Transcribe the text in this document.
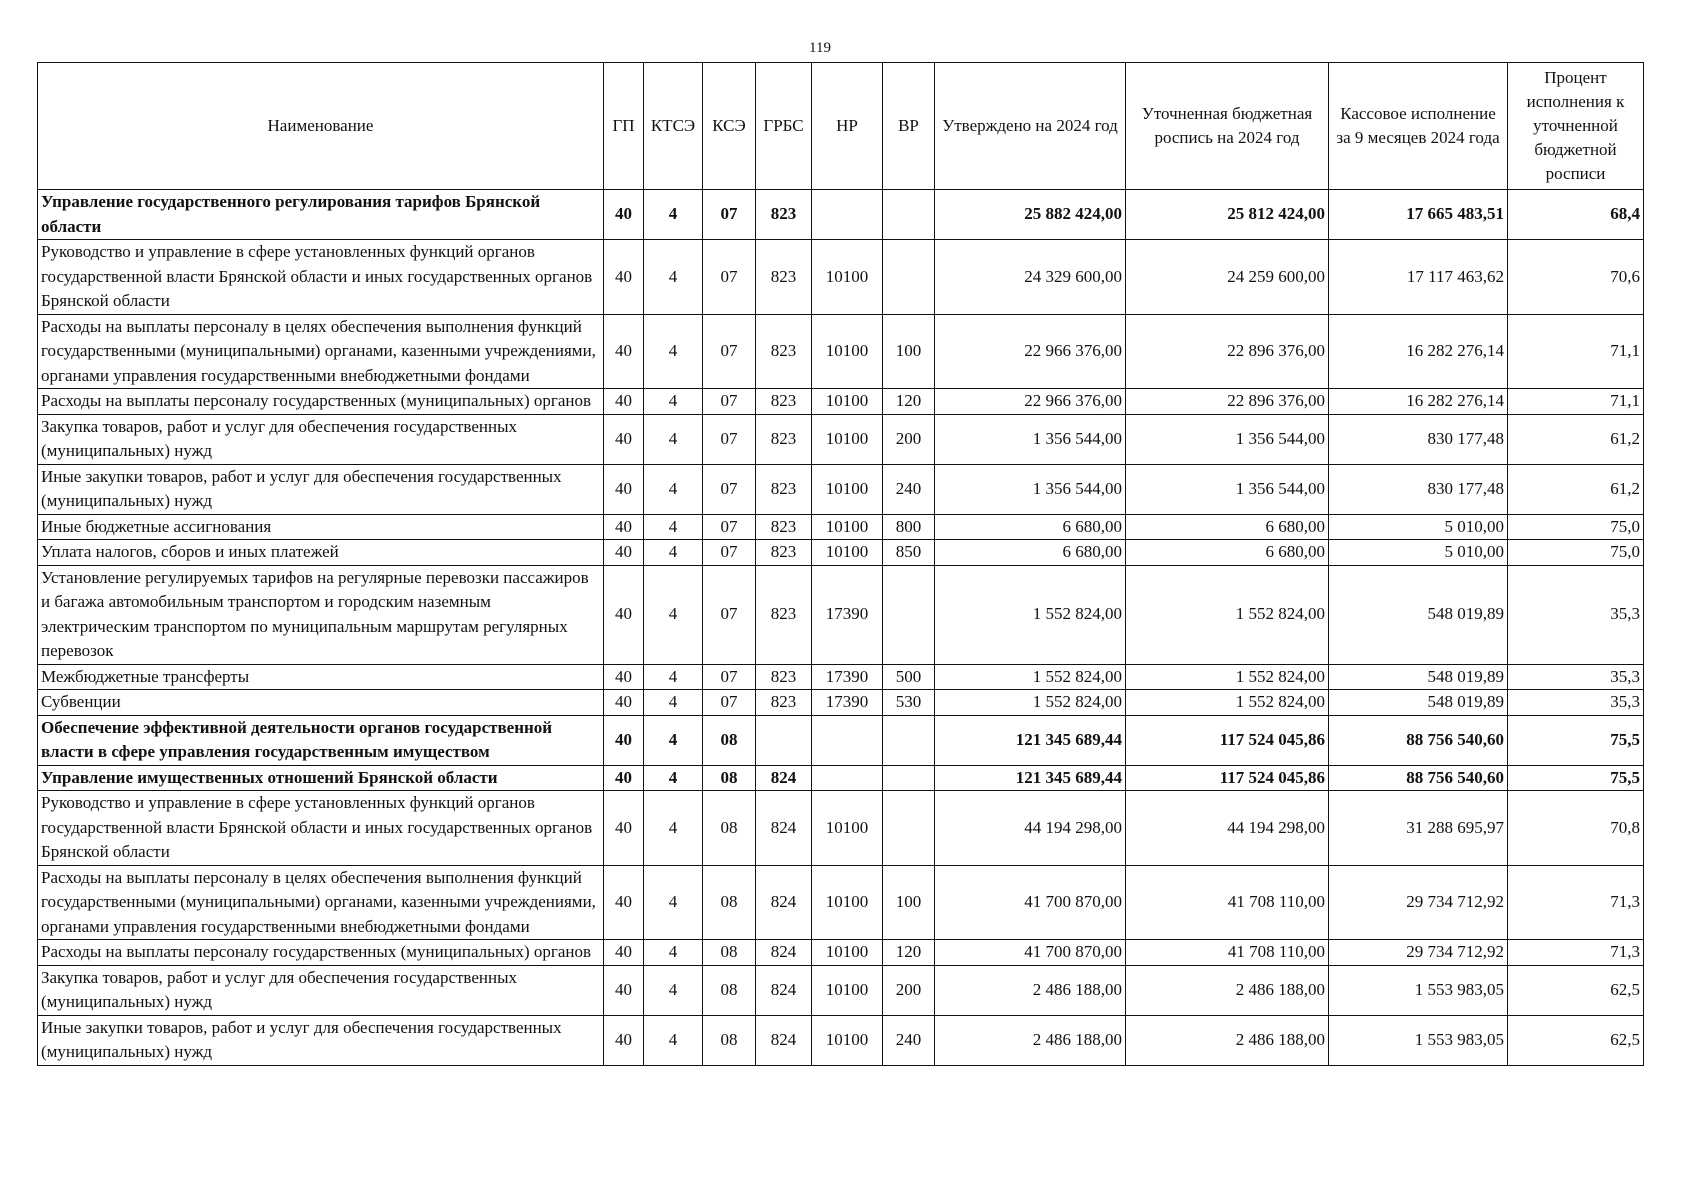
119
Наименование	ГП	КТСЭ	КСЭ	ГРБС	НР	ВР	Утверждено на 2024 год	Уточненная бюджетная роспись на 2024 год	Кассовое исполнение за 9 месяцев 2024 года	Процент исполнения к уточненной бюджетной росписи
Управление государственного регулирования тарифов Брянской области	40	4	07	823			25 882 424,00	25 812 424,00	17 665 483,51	68,4
Руководство и управление в сфере установленных функций органов государственной власти Брянской области и иных государственных органов Брянской области	40	4	07	823	10100		24 329 600,00	24 259 600,00	17 117 463,62	70,6
Расходы на выплаты персоналу в целях обеспечения выполнения функций государственными (муниципальными) органами, казенными учреждениями, органами управления государственными внебюджетными фондами	40	4	07	823	10100	100	22 966 376,00	22 896 376,00	16 282 276,14	71,1
Расходы на выплаты персоналу государственных (муниципальных) органов	40	4	07	823	10100	120	22 966 376,00	22 896 376,00	16 282 276,14	71,1
Закупка товаров, работ и услуг для обеспечения государственных (муниципальных) нужд	40	4	07	823	10100	200	1 356 544,00	1 356 544,00	830 177,48	61,2
Иные закупки товаров, работ и услуг для обеспечения государственных (муниципальных) нужд	40	4	07	823	10100	240	1 356 544,00	1 356 544,00	830 177,48	61,2
Иные бюджетные ассигнования	40	4	07	823	10100	800	6 680,00	6 680,00	5 010,00	75,0
Уплата налогов, сборов и иных платежей	40	4	07	823	10100	850	6 680,00	6 680,00	5 010,00	75,0
Установление регулируемых тарифов на регулярные перевозки пассажиров и багажа автомобильным транспортом и городским наземным электрическим транспортом по муниципальным маршрутам регулярных перевозок	40	4	07	823	17390		1 552 824,00	1 552 824,00	548 019,89	35,3
Межбюджетные трансферты	40	4	07	823	17390	500	1 552 824,00	1 552 824,00	548 019,89	35,3
Субвенции	40	4	07	823	17390	530	1 552 824,00	1 552 824,00	548 019,89	35,3
Обеспечение эффективной деятельности органов государственной власти в сфере управления государственным имуществом	40	4	08				121 345 689,44	117 524 045,86	88 756 540,60	75,5
Управление имущественных отношений Брянской области	40	4	08	824			121 345 689,44	117 524 045,86	88 756 540,60	75,5
Руководство и управление в сфере установленных функций органов государственной власти Брянской области и иных государственных органов Брянской области	40	4	08	824	10100		44 194 298,00	44 194 298,00	31 288 695,97	70,8
Расходы на выплаты персоналу в целях обеспечения выполнения функций государственными (муниципальными) органами, казенными учреждениями, органами управления государственными внебюджетными фондами	40	4	08	824	10100	100	41 700 870,00	41 708 110,00	29 734 712,92	71,3
Расходы на выплаты персоналу государственных (муниципальных) органов	40	4	08	824	10100	120	41 700 870,00	41 708 110,00	29 734 712,92	71,3
Закупка товаров, работ и услуг для обеспечения государственных (муниципальных) нужд	40	4	08	824	10100	200	2 486 188,00	2 486 188,00	1 553 983,05	62,5
Иные закупки товаров, работ и услуг для обеспечения государственных (муниципальных) нужд	40	4	08	824	10100	240	2 486 188,00	2 486 188,00	1 553 983,05	62,5
